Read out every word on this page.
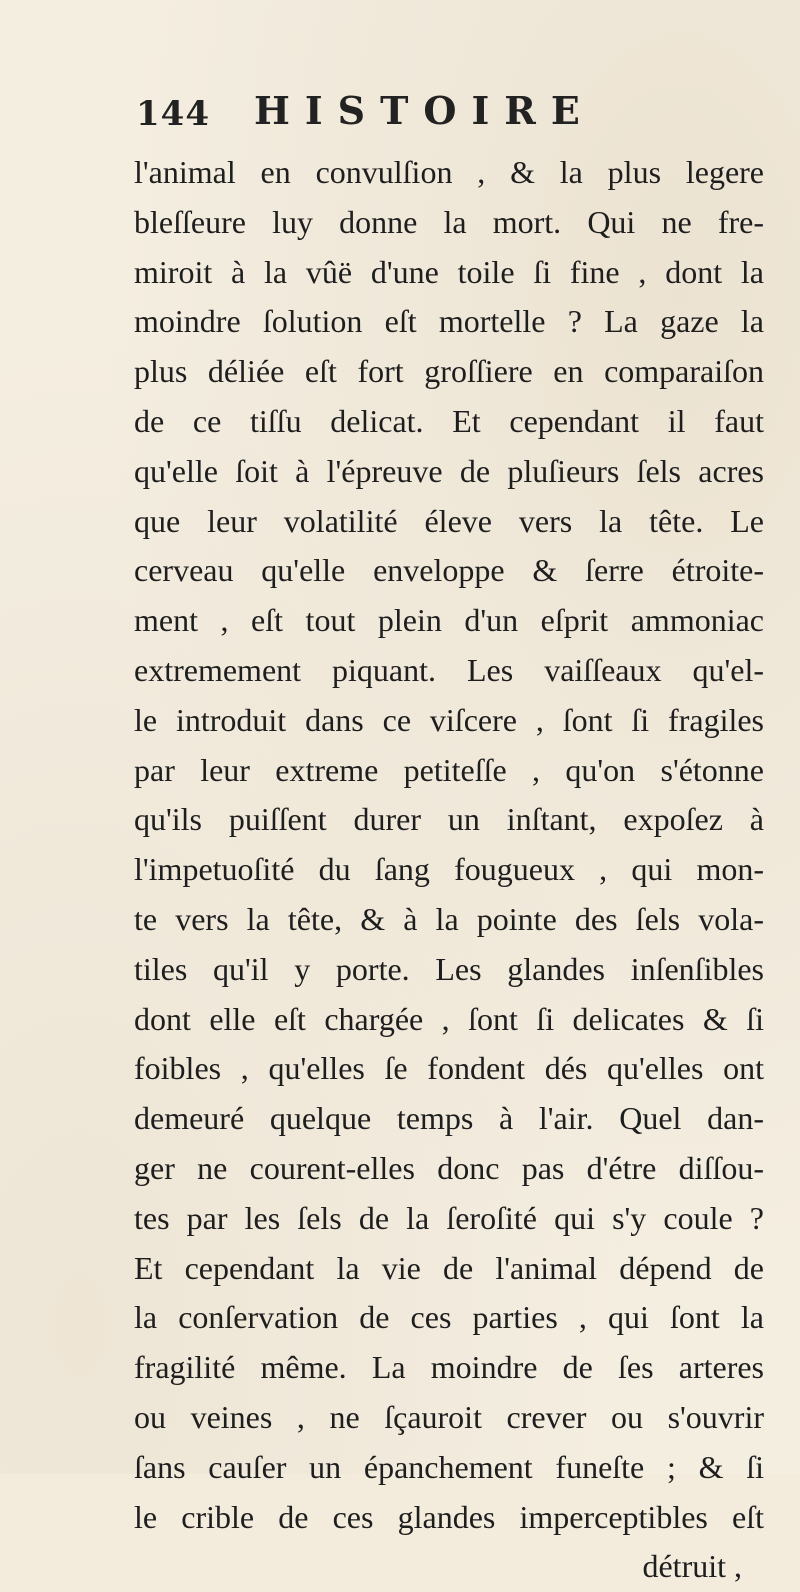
144 HISTOIRE
l'animal en convulſion , & la plus legere
bleſſeure luy donne la mort. Qui ne fre-
miroit à la vûë d'une toile ſi fine , dont la
moindre ſolution eſt mortelle ? La gaze la
plus déliée eſt fort groſſiere en comparaiſon
de ce tiſſu delicat. Et cependant il faut
qu'elle ſoit à l'épreuve de pluſieurs ſels acres
que leur volatilité éleve vers la tête. Le
cerveau qu'elle enveloppe & ſerre étroite-
ment , eſt tout plein d'un eſprit ammoniac
extremement piquant. Les vaiſſeaux qu'el-
le introduit dans ce viſcere , ſont ſi fragiles
par leur extreme petiteſſe , qu'on s'étonne
qu'ils puiſſent durer un inſtant, expoſez à
l'impetuoſité du ſang fougueux , qui mon-
te vers la tête, & à la pointe des ſels vola-
tiles qu'il y porte. Les glandes inſenſibles
dont elle eſt chargée , ſont ſi delicates & ſi
foibles , qu'elles ſe fondent dés qu'elles ont
demeuré quelque temps à l'air. Quel dan-
ger ne courent-elles donc pas d'étre diſſou-
tes par les ſels de la ſeroſité qui s'y coule ?
Et cependant la vie de l'animal dépend de
la conſervation de ces parties , qui ſont la
fragilité même. La moindre de ſes arteres
ou veines , ne ſçauroit crever ou s'ouvrir
ſans cauſer un épanchement funeſte ; & ſi
le crible de ces glandes imperceptibles eſt
détruit ,
